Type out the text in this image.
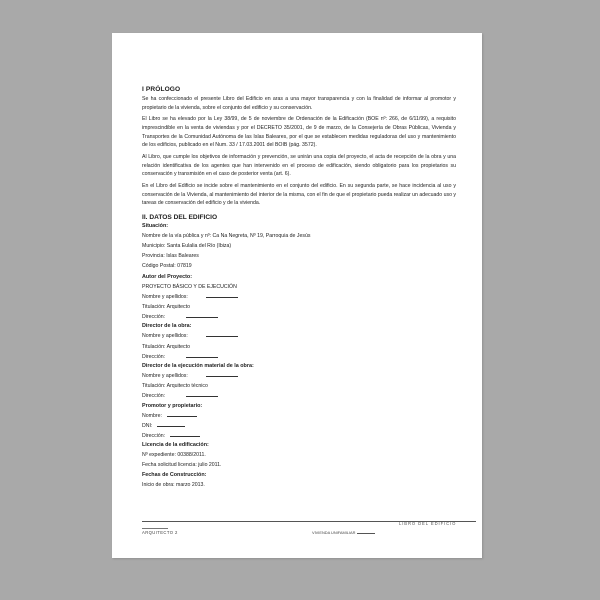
I PRÓLOGO

Se ha confeccionado el presente Libro del Edificio en aras a una mayor transparencia y con la finalidad de informar al promotor y propietario de la vivienda, sobre el conjunto del edificio y su conservación.

El Libro se ha elevado por la Ley 38/99, de 5 de noviembre de Ordenación de la Edificación (BOE nº: 266, de 6/11/99), a requisito imprescindible en la venta de viviendas y por el DECRETO 35/2001, de 9 de marzo, de la Consejería de Obras Públicas, Vivienda y Transportes de la Comunidad Autónoma de las Islas Baleares, por el que se establecen medidas reguladoras del uso y mantenimiento de los edificios, publicado en el Num. 33 / 17.03.2001 del BOIB (pág. 3572).

Al Libro, que cumple los objetivos de información y prevención, se unirán una copia del proyecto, el acta de recepción de la obra y una relación identificativa de los agentes que han intervenido en el proceso de edificación, siendo obligatorio para los propietarios su conservación y transmisión en el caso de posterior venta (art. 6).

En el Libro del Edificio se incide sobre el mantenimiento en el conjunto del edificio. En su segunda parte, se hace incidencia al uso y conservación de la Vivienda, al mantenimiento del interior de la misma, con el fin de que el propietario pueda realizar un adecuado uso y tareas de conservación del edificio y de la vivienda.

II. DATOS DEL EDIFICIO
Situación:
Nombre de la vía pública y nº: Ca Na Negreta, Nº 19, Parroquia de Jesús
Municipio: Santa Eulalia del Río (Ibiza)
Provincia: Islas Baleares
Código Postal: 07819
Autor del Proyecto:
PROYECTO BÁSICO Y DE EJECUCIÓN
Nombre y apellidos:
Titulación: Arquitecto
Dirección:
Director de la obra:
Nombre y apellidos:
Titulación: Arquitecto
Dirección:
Director de la ejecución material de la obra:
Nombre y apellidos:
Titulación: Arquitecto técnico
Dirección:
Promotor y propietario:
Nombre:
DNI:
Dirección:
Licencia de la edificación:
Nº expediente: 00388/2011.
Fecha solicitud licencia: julio 2011.
Fechas de Construcción:
Inicio de obra: marzo 2013.
ARQUITECTO 2	VIVIENDA UNIFAMILIAR
LIBRO DEL EDIFICIO
